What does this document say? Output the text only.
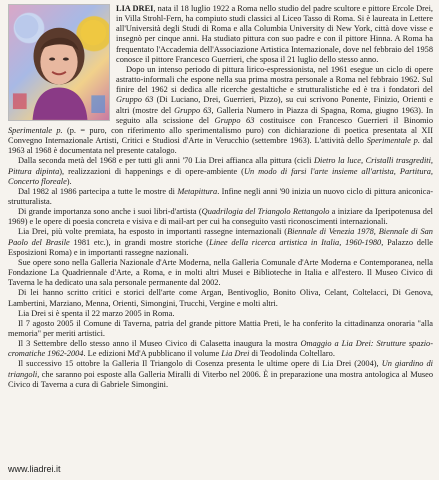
LIA DREI, nata il 18 luglio 1922 a Roma nello studio del padre scultore e pittore Ercole Drei, in Villa Strohl-Fern, ha compiuto studi classici al Liceo Tasso di Roma. Si è laureata in Lettere all'Università degli Studi di Roma e alla Columbia University di New York, città dove visse e insegnò per cinque anni. Ha studiato pittura con suo padre e con il pittore Hinna. A Roma ha frequentato l'Accademia dell'Associazione Artistica Internazionale, dove nel febbraio del 1958 conosce il pittore Francesco Guerrieri, che sposa il 21 luglio dello stesso anno.

Dopo un intenso periodo di pittura lirico-espressionista, nel 1961 esegue un ciclo di opere astratto-informali che espone nella sua prima mostra personale a Roma nel febbraio 1962. Sul finire del 1962 si dedica alle ricerche gestaltiche e strutturalistiche ed è tra i fondatori del Gruppo 63 (Di Luciano, Drei, Guerrieri, Pizzo), su cui scrivono Ponente, Finizio, Orienti e altri (mostre del Gruppo 63, Galleria Numero in Piazza di Spagna, Roma, giugno 1963). In seguito alla scissione del Gruppo 63 costituisce con Francesco Guerrieri il Binomio Sperimentale p. (p. = puro, con riferimento allo sperimentalismo puro) con dichiarazione di poetica presentata al XII Convegno Internazionale Artisti, Critici e Studiosi d'Arte in Verucchio (settembre 1963). L'attività dello Sperimentale p. dal 1963 al 1968 è documentata nel presente catalogo.

Dalla seconda metà del 1968 e per tutti gli anni '70 Lia Drei affianca alla pittura (cicli Dietro la luce, Cristalli trasgrediti, Pittura dipinta), realizzazioni di happenings e di opere-ambiente (Un modo di farsi l'arte insieme all'artista, Partitura, Concerto floreale).

Dal 1982 al 1986 partecipa a tutte le mostre di Metapittura. Infine negli anni '90 inizia un nuovo ciclo di pittura aniconica-strutturalista.

Di grande importanza sono anche i suoi libri-d'artista (Quadrilogia del Triangolo Rettangolo a iniziare da Iperipotenusa del 1969) e le opere di poesia concreta e visiva e di mail-art per cui ha conseguito vasti riconoscimenti internazionali.

Lia Drei, più volte premiata, ha esposto in importanti rassegne internazionali (Biennale di Venezia 1978, Biennale di San Paolo del Brasile 1981 etc.), in grandi mostre storiche (Linee della ricerca artistica in Italia, 1960-1980, Palazzo delle Esposizioni Roma) e in importanti rassegne nazionali.

Sue opere sono nella Galleria Nazionale d'Arte Moderna, nella Galleria Comunale d'Arte Moderna e Contemporanea, nella Fondazione La Quadriennale d'Arte, a Roma, e in molti altri Musei e Biblioteche in Italia e all'estero. Il Museo Civico di Taverna le ha dedicato una sala personale permanente dal 2002.

Di lei hanno scritto critici e storici dell'arte come Argan, Bentivoglio, Bonito Oliva, Celant, Coltelacci, Di Genova, Lambertini, Marziano, Menna, Orienti, Simongini, Trucchi, Vergine e molti altri.

Lia Drei si è spenta il 22 marzo 2005 in Roma.

Il 7 agosto 2005 il Comune di Taverna, patria del grande pittore Mattia Preti, le ha conferito la cittadinanza onoraria "alla memoria" per meriti artistici.

Il 3 Settembre dello stesso anno il Museo Civico di Calasetta inaugura la mostra Omaggio a Lia Drei: Strutture spazio-cromatiche 1962-2004. Le edizioni Md'A pubblicano il volume Lia Drei di Teodolinda Coltellaro.

Il successivo 15 ottobre la Galleria Il Triangolo di Cosenza presenta le ultime opere di Lia Drei (2004), Un giardino di triangoli, che saranno poi esposte alla Galleria Miralli di Viterbo nel 2006. È in preparazione una mostra antologica al Museo Civico di Taverna a cura di Gabriele Simongini.

www.liadrei.it
